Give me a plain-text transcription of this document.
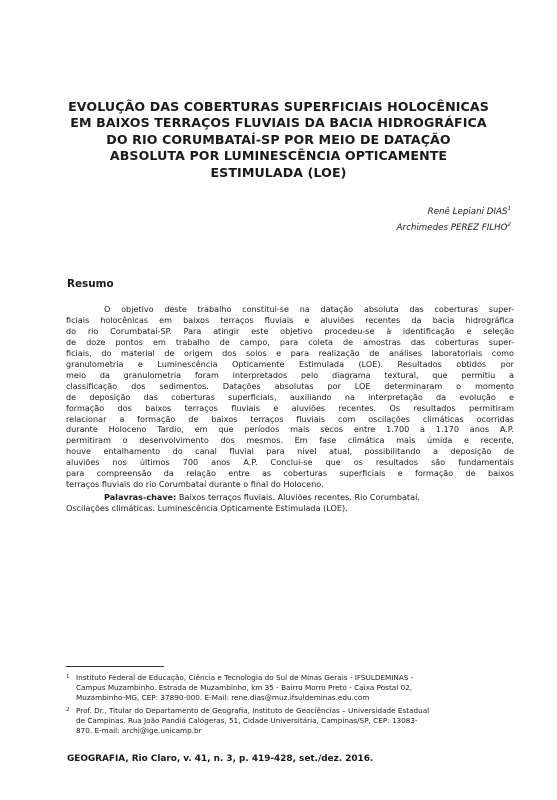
EVOLUÇÃO DAS COBERTURAS SUPERFICIAIS HOLOCÊNICAS
EM BAIXOS TERRAÇOS FLUVIAIS DA BACIA HIDROGRÁFICA
DO RIO CORUMBATAÍ-SP POR MEIO DE DATAÇÃO
ABSOLUTA POR LUMINESCÊNCIA OPTICAMENTE
ESTIMULADA (LOE)
Renê Lepiani DIAS$^1$
Archimedes PEREZ FILHO$^2$
Resumo
O objetivo deste trabalho constitui-se na datação absoluta das coberturas super-
ficiais holocênicas em baixos terraços fluviais e aluviões recentes da bacia hidrográfica
do rio Corumbataí-SP. Para atingir este objetivo procedeu-se à identificação e seleção
de doze pontos em trabalho de campo, para coleta de amostras das coberturas super-
ficiais, do material de origem dos solos e para realização de análises laboratoriais como
granulometria e Luminescência Opticamente Estimulada (LOE). Resultados obtidos por
meio da granulometria foram interpretados pelo diagrama textural, que permitiu a
classificação dos sedimentos. Datações absolutas por LOE determinaram o momento
de deposição das coberturas superficiais, auxiliando na interpretação da evolução e
formação dos baixos terraços fluviais e aluviões recentes. Os resultados permitiram
relacionar a formação de baixos terraços fluviais com oscilações climáticas ocorridas
durante Holoceno Tardio, em que períodos mais secos entre 1.700 a 1.170 anos A.P.
permitiram o desenvolvimento dos mesmos. Em fase climática mais úmida e recente,
houve entalhamento do canal fluvial para nível atual, possibilitando a deposição de
aluviões nos últimos 700 anos A.P. Conclui-se que os resultados são fundamentais
para compreensão da relação entre as coberturas superficiais e formação de baixos
terraços fluviais do rio Corumbataí durante o final do Holoceno.
Palavras-chave: Baixos terraços fluviais. Aluviões recentes. Rio Corumbataí.
Oscilações climáticas. Luminescência Opticamente Estimulada (LOE).
1 Instituto Federal de Educação, Ciência e Tecnologia do Sul de Minas Gerais - IFSULDEMINAS -
Campus Muzambinho. Estrada de Muzambinho, km 35 - Bairro Morro Preto - Caixa Postal 02,
Muzambinho-MG, CEP: 37890-000. E-Mail: rene.dias@muz.ifsuldeminas.edu.com
2 Prof. Dr., Titular do Departamento de Geografia, Instituto de Geociências – Universidade Estadual
de Campinas. Rua João Pandiá Calógeras, 51, Cidade Universitária, Campinas/SP, CEP: 13083-
870. E-mail: archi@ige.unicamp.br
GEOGRAFIA, Rio Claro, v. 41, n. 3, p. 419-428, set./dez. 2016.
